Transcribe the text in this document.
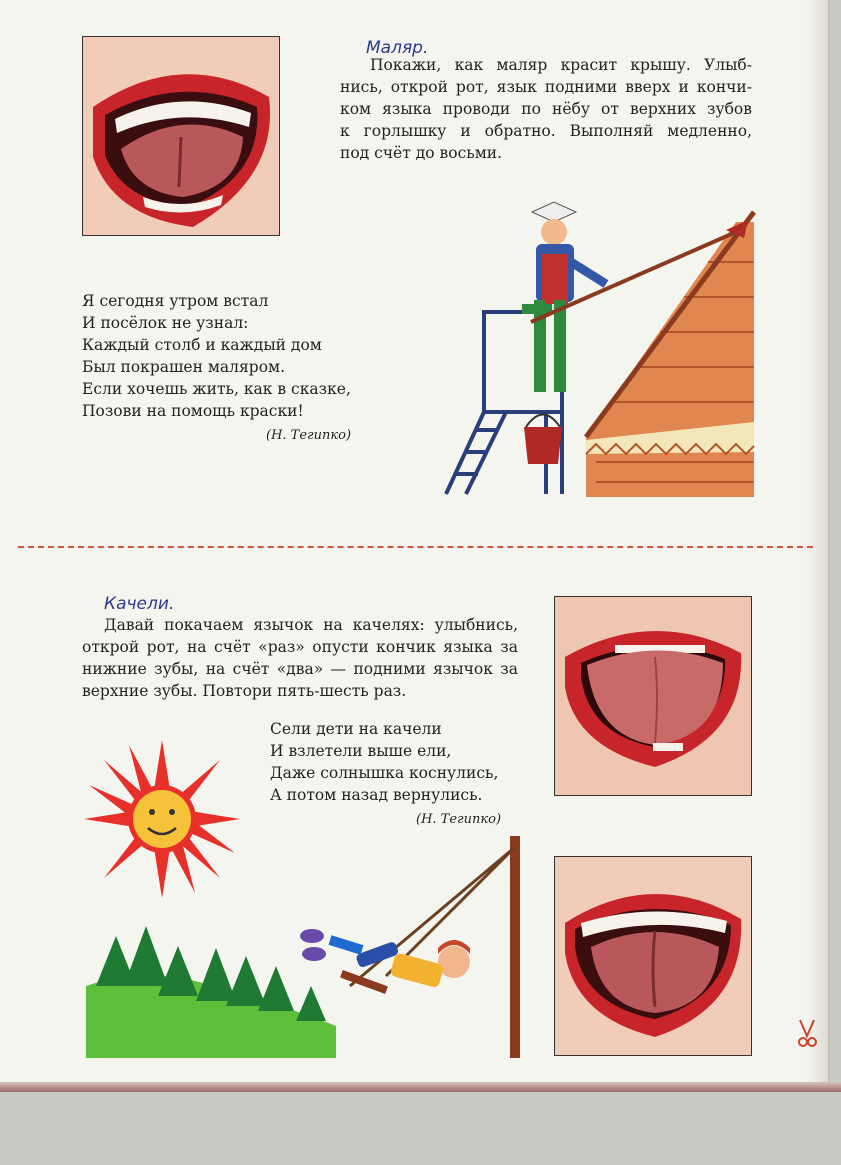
Маляр.

Покажи, как маляр красит крышу. Улыб-

нись, открой рот, язык подними вверх и кончи-

ком языка проводи по нёбу от верхних зубов

к горлышку и обратно. Выполняй медленно,

под счёт до восьми.

Я сегодня утром встал
И посёлок не узнал:
Каждый столб и каждый дом
Был покрашен маляром.
Если хочешь жить, как в сказке,
Позови на помощь краски!
(Н. Тегипко)
Качели.

Давай покачаем язычок на качелях: улыбнись,

открой рот, на счёт «раз» опусти кончик языка за

нижние зубы, на счёт «два» — подними язычок за

верхние зубы. Повтори пять-шесть раз.

Сели дети на качели
И взлетели выше ели,
Даже солнышка коснулись,
А потом назад вернулись.
(Н. Тегипко)
